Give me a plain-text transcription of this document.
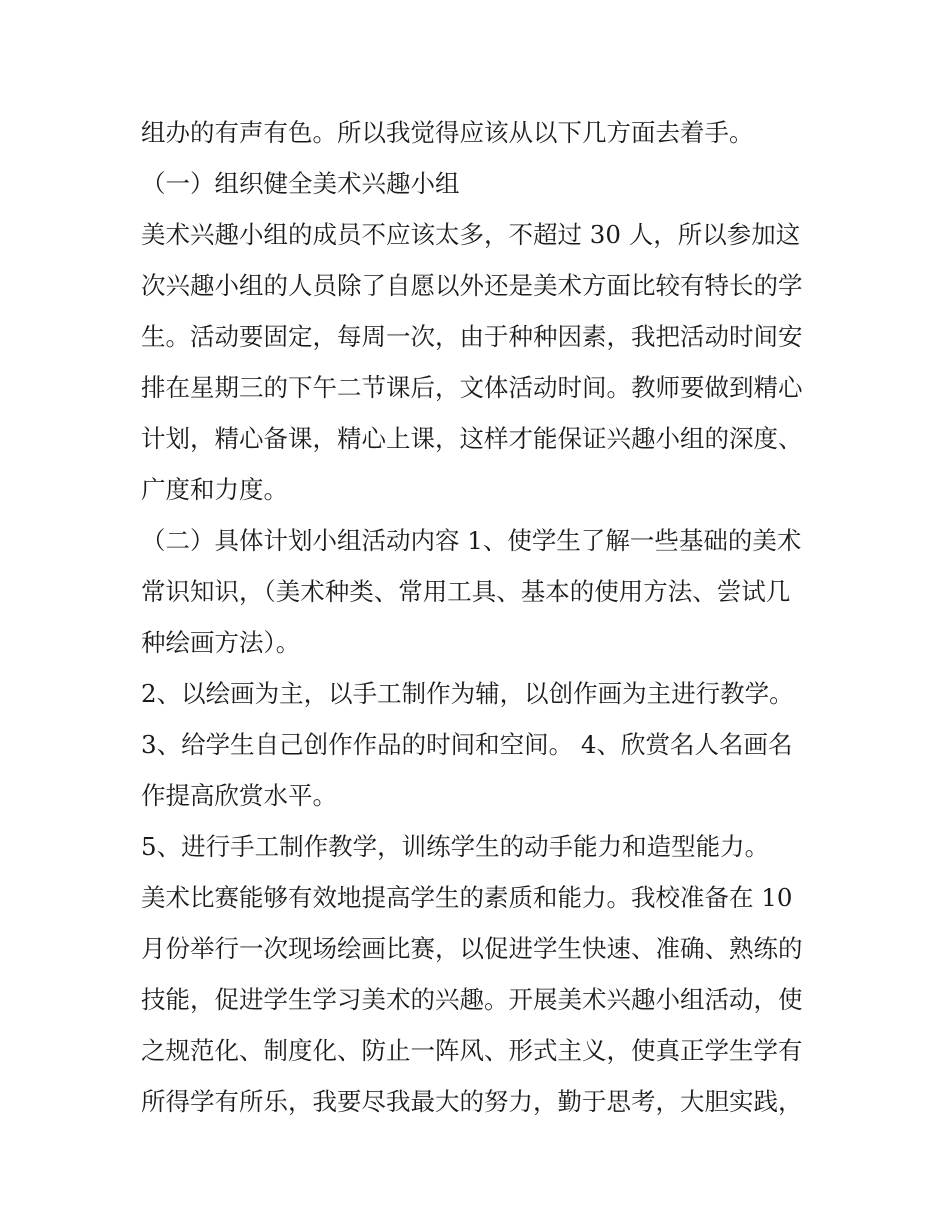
组办的有声有色。所以我觉得应该从以下几方面去着手。
（一）组织健全美术兴趣小组
美术兴趣小组的成员不应该太多，不超过 30 人，所以参加这
次兴趣小组的人员除了自愿以外还是美术方面比较有特长的学
生。活动要固定，每周一次，由于种种因素，我把活动时间安
排在星期三的下午二节课后，文体活动时间。教师要做到精心
计划，精心备课，精心上课，这样才能保证兴趣小组的深度、
广度和力度。
（二）具体计划小组活动内容 1、使学生了解一些基础的美术
常识知识，（美术种类、常用工具、基本的使用方法、尝试几
种绘画方法）。
2、以绘画为主，以手工制作为辅，以创作画为主进行教学。
3、给学生自己创作作品的时间和空间。 4、欣赏名人名画名
作提高欣赏水平。
5、进行手工制作教学，训练学生的动手能力和造型能力。
美术比赛能够有效地提高学生的素质和能力。我校准备在 10
月份举行一次现场绘画比赛，以促进学生快速、准确、熟练的
技能，促进学生学习美术的兴趣。开展美术兴趣小组活动，使
之规范化、制度化、防止一阵风、形式主义，使真正学生学有
所得学有所乐，我要尽我最大的努力，勤于思考，大胆实践，
